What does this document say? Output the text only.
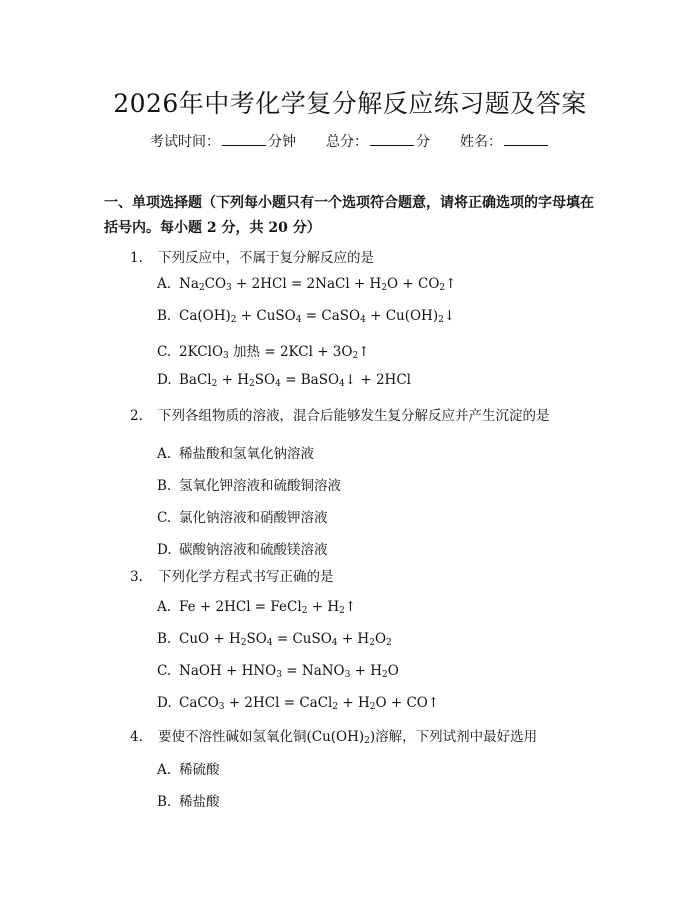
2026年中考化学复分解反应练习题及答案
考试时间：	分钟 总分：	分 姓名：
一、单项选择题（下列每小题只有一个选项符合题意，请将正确选项的字母填在括号内。每小题 2 分，共 20 分）
1. 下列反应中，不属于复分解反应的是
A. $Na_2CO_3 + 2HCl$ = 2NaCl + $H_2O$ + $CO_2↑$
B. $Ca(OH)_2$ + CuSO$_4$ = CaSO$_4$ + $Cu(OH)_2↓$
C. 2KClO$_3$ 加热 = $2KCl + 3O_2↑$
D. BaCl$_2$ + $H_2SO_4$ = BaSO$_4$↓ + 2HCl
2. 下列各组物质的溶液，混合后能够发生复分解反应并产生沉淀的是
A. 稀盐酸和氢氧化钠溶液
B. 氢氧化钾溶液和硫酸铜溶液
C. 氯化钠溶液和硝酸钾溶液
D. 碳酸钠溶液和硫酸镁溶液
3. 下列化学方程式书写正确的是
A. Fe + 2HCl = FeCl$_2$ + $H_2↑$
B. CuO + $H_2SO_4$ = CuSO$_4$ + $H_2O_2$
C. NaOH + $HNO_3$ = NaNO$_3$ + $H_2O$
D. CaCO$_3$ + 2HCl = CaCl$_2$ + $H_2O$ + CO↑
4. 要使不溶性碱如氢氧化铜$(Cu(OH)_2)$溶解，下列试剂中最好选用
A. 稀硫酸
B. 稀盐酸
